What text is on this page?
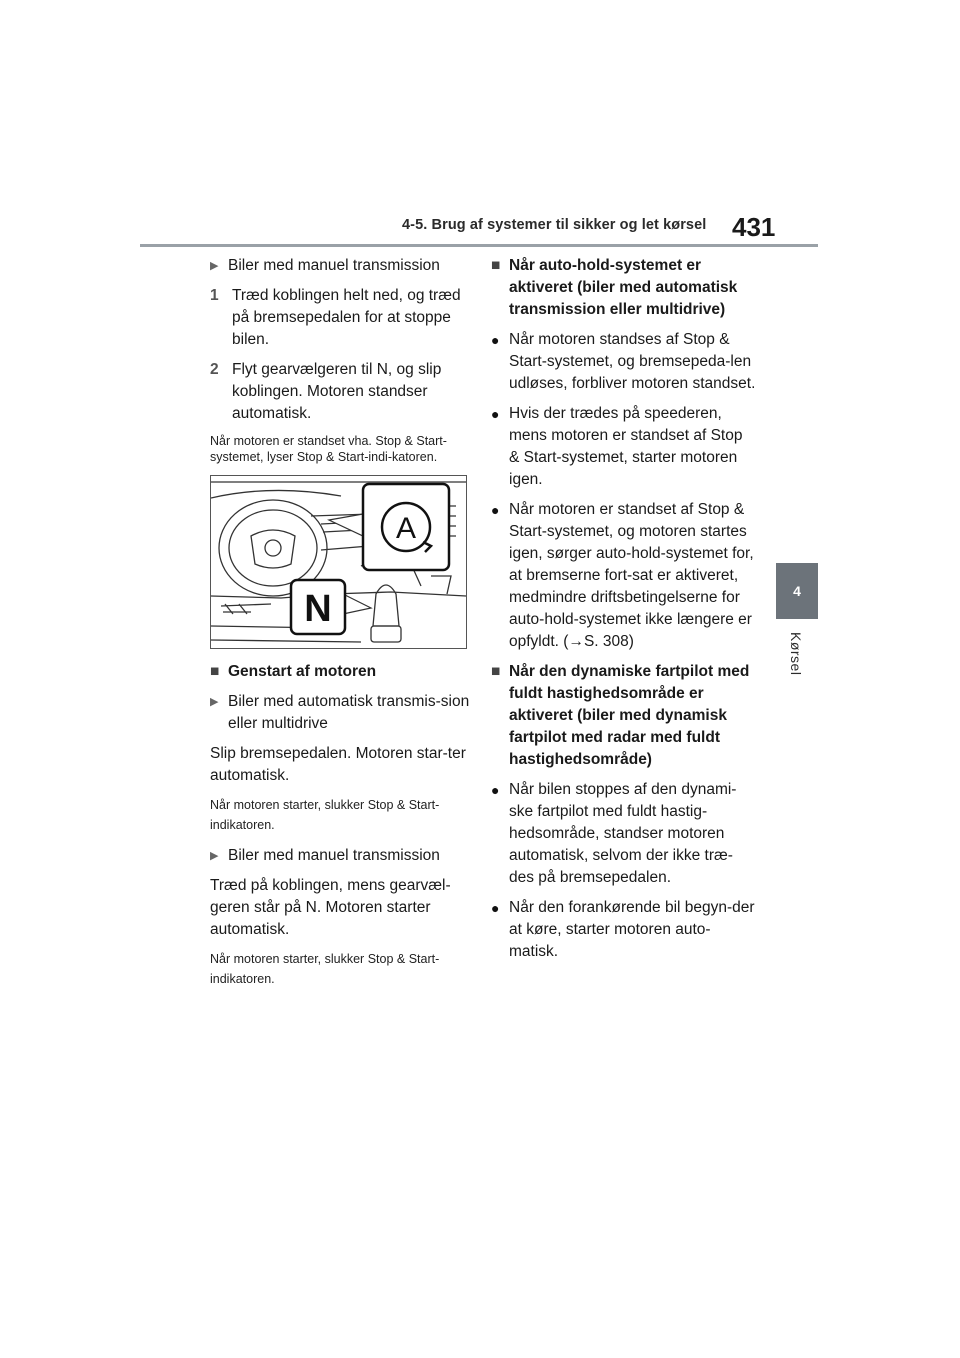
4-5. Brug af systemer til sikker og let kørsel 431
4
Kørsel
▶ Biler med manuel transmission
1 Træd koblingen helt ned, og træd på bremsepedalen for at stoppe bilen.
2 Flyt gearvælgeren til N, og slip koblingen. Motoren standser automatisk.

Når motoren er standset vha. Stop & Start-systemet, lyser Stop & Start-indi-katoren.

A
N
■ Genstart af motoren
▶ Biler med automatisk transmis-sion eller multidrive

Slip bremsepedalen. Motoren star-ter automatisk.

Når motoren starter, slukker Stop & Start-indikatoren.

▶ Biler med manuel transmission

Træd på koblingen, mens gearvæl-geren står på N. Motoren starter automatisk.

Når motoren starter, slukker Stop & Start-indikatoren.

■ Når auto-hold-systemet er aktiveret (biler med automatisk transmission eller multidrive)
● Når motoren standses af Stop & Start-systemet, og bremsepeda-len udløses, forbliver motoren standset.
● Hvis der trædes på speederen, mens motoren er standset af Stop & Start-systemet, starter motoren igen.
● Når motoren er standset af Stop & Start-systemet, og motoren startes igen, sørger auto-hold-systemet for, at bremserne fort-sat er aktiveret, medmindre driftsbetingelserne for auto-hold-systemet ikke længere er opfyldt. (→S. 308)
■ Når den dynamiske fartpilot med fuldt hastighedsområde er aktiveret (biler med dynamisk fartpilot med radar med fuldt hastighedsområde)
● Når bilen stoppes af den dynami-ske fartpilot med fuldt hastig-hedsområde, standser motoren automatisk, selvom der ikke træ-des på bremsepedalen.
● Når den forankørende bil begyn-der at køre, starter motoren auto-matisk.
